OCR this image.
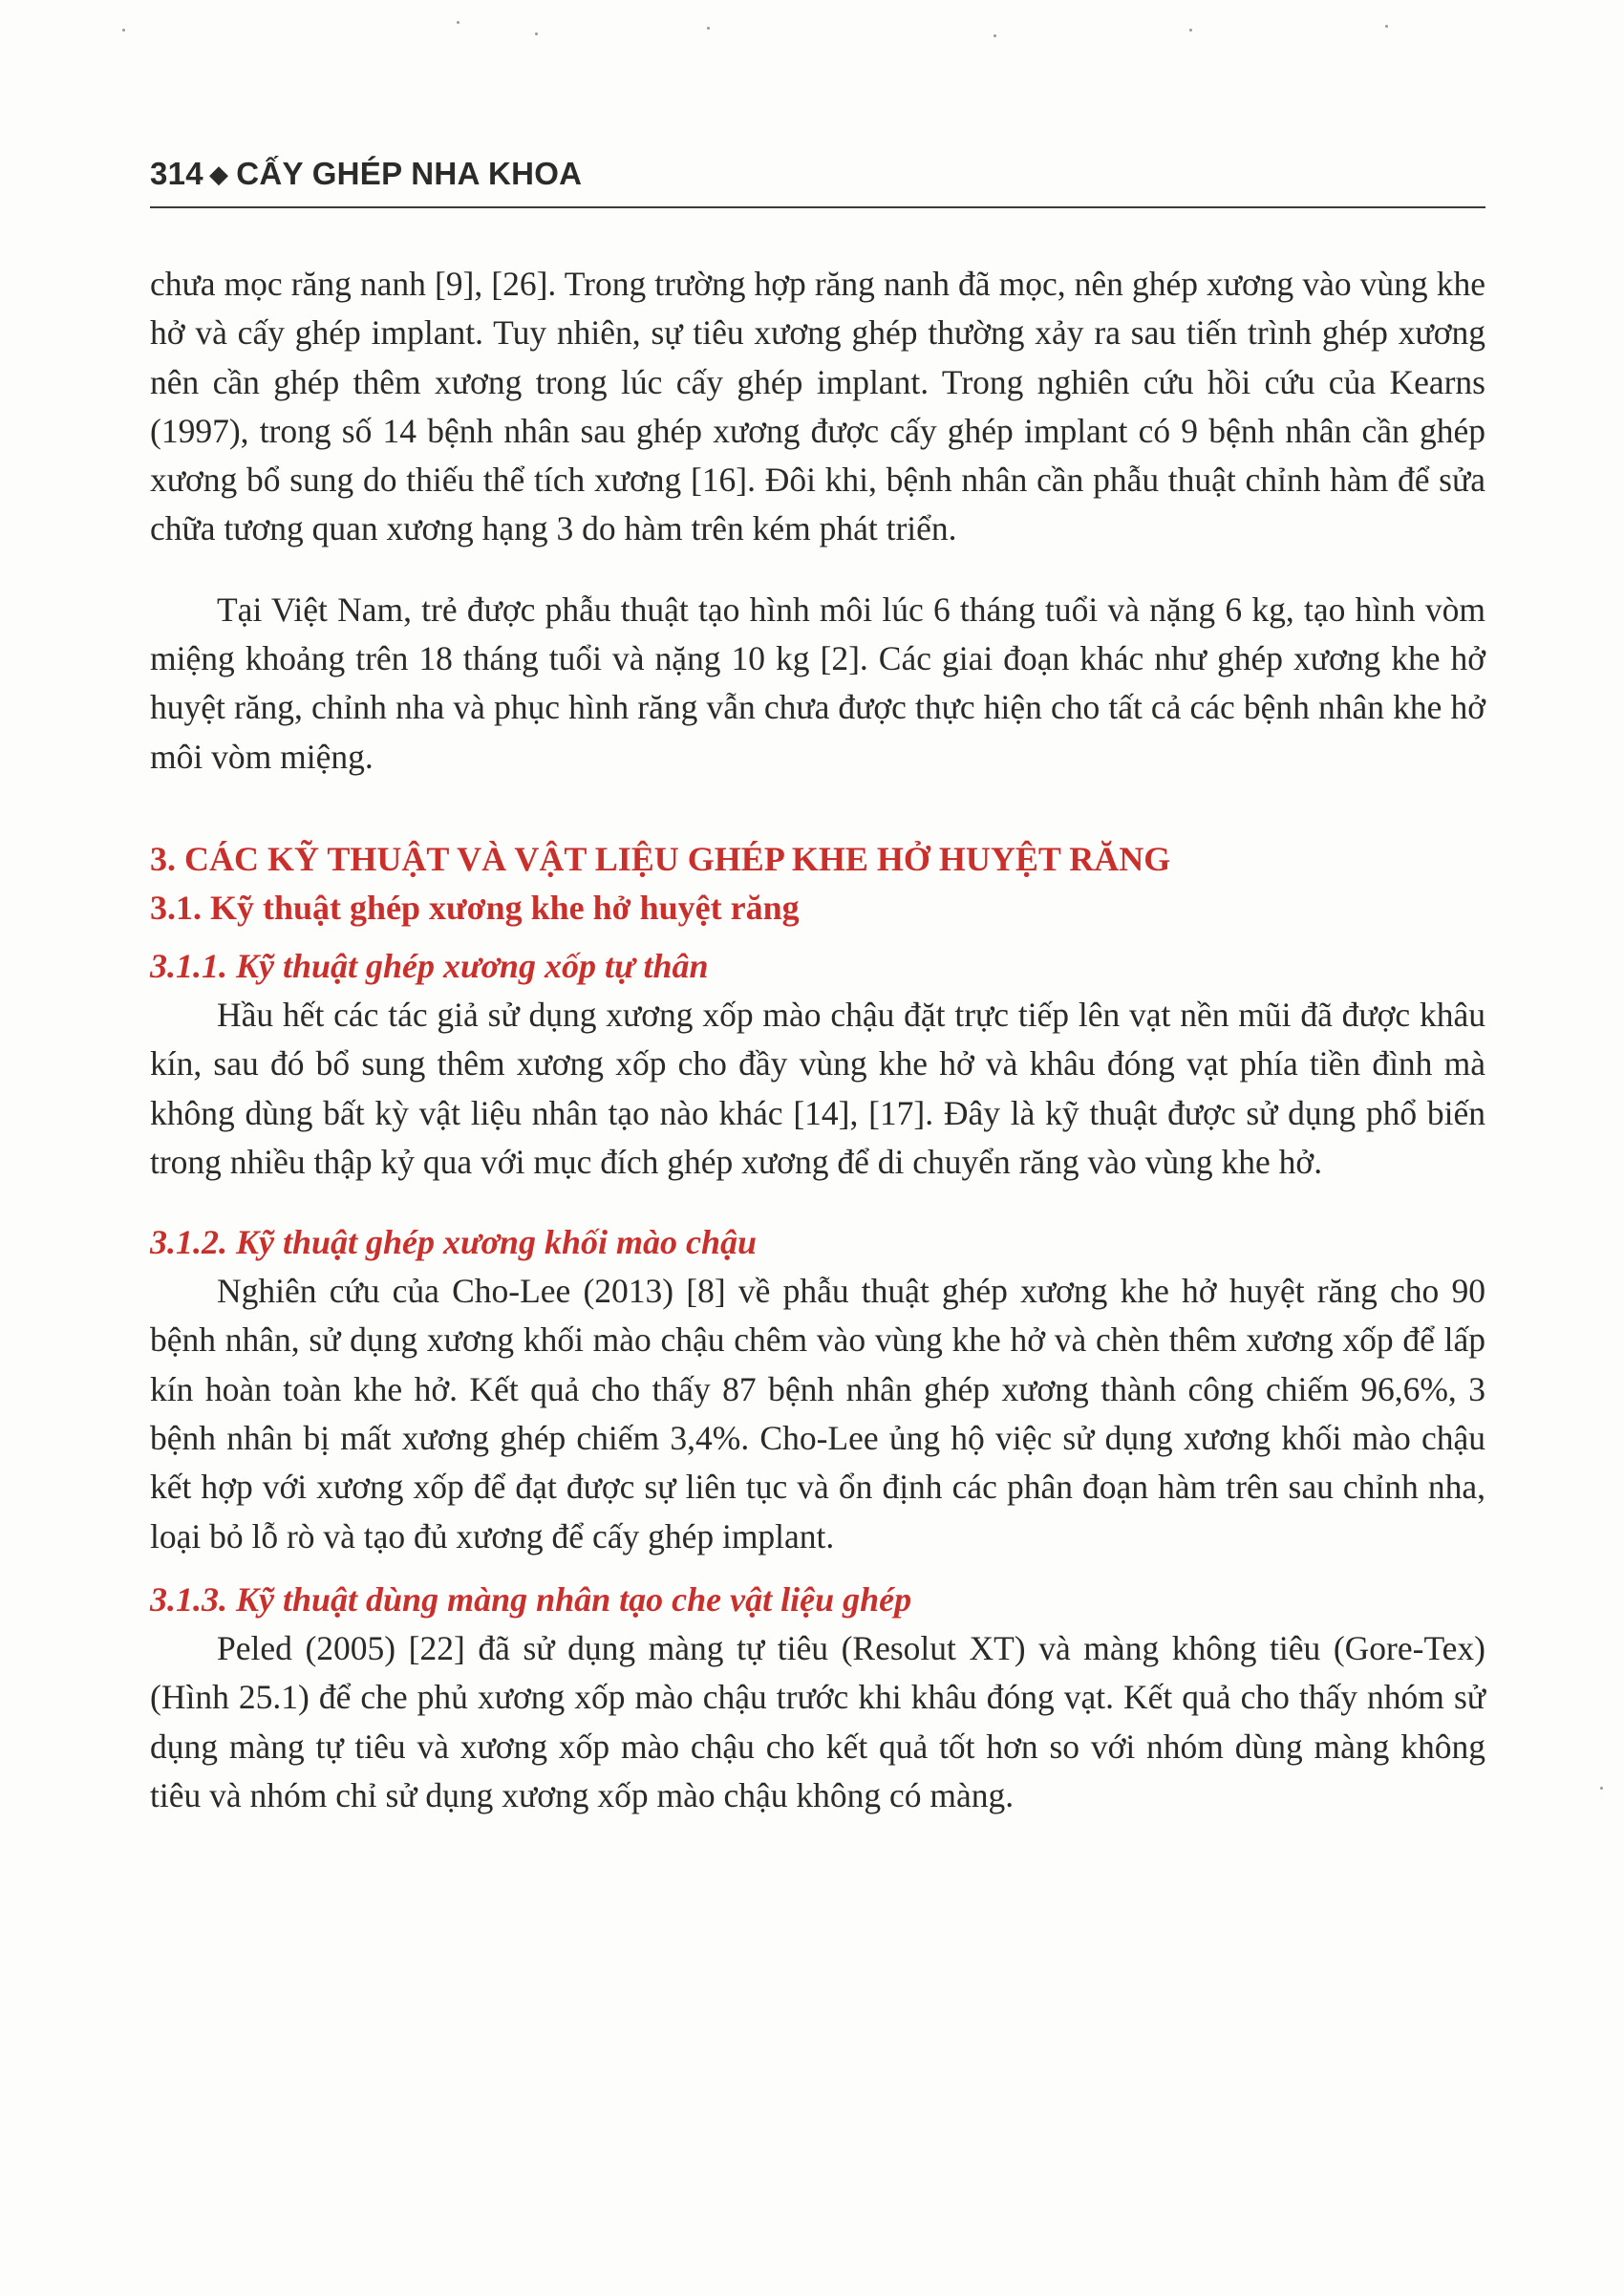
314 ◆ CẤY GHÉP NHA KHOA

chưa mọc răng nanh [9], [26]. Trong trường hợp răng nanh đã mọc, nên ghép xương vào vùng khe hở và cấy ghép implant. Tuy nhiên, sự tiêu xương ghép thường xảy ra sau tiến trình ghép xương nên cần ghép thêm xương trong lúc cấy ghép implant. Trong nghiên cứu hồi cứu của Kearns (1997), trong số 14 bệnh nhân sau ghép xương được cấy ghép implant có 9 bệnh nhân cần ghép xương bổ sung do thiếu thể tích xương [16]. Đôi khi, bệnh nhân cần phẫu thuật chỉnh hàm để sửa chữa tương quan xương hạng 3 do hàm trên kém phát triển.

Tại Việt Nam, trẻ được phẫu thuật tạo hình môi lúc 6 tháng tuổi và nặng 6 kg, tạo hình vòm miệng khoảng trên 18 tháng tuổi và nặng 10 kg [2]. Các giai đoạn khác như ghép xương khe hở huyệt răng, chỉnh nha và phục hình răng vẫn chưa được thực hiện cho tất cả các bệnh nhân khe hở môi vòm miệng.

3. CÁC KỸ THUẬT VÀ VẬT LIỆU GHÉP KHE HỞ HUYỆT RĂNG
3.1. Kỹ thuật ghép xương khe hở huyệt răng
3.1.1. Kỹ thuật ghép xương xốp tự thân

Hầu hết các tác giả sử dụng xương xốp mào chậu đặt trực tiếp lên vạt nền mũi đã được khâu kín, sau đó bổ sung thêm xương xốp cho đầy vùng khe hở và khâu đóng vạt phía tiền đình mà không dùng bất kỳ vật liệu nhân tạo nào khác [14], [17]. Đây là kỹ thuật được sử dụng phổ biến trong nhiều thập kỷ qua với mục đích ghép xương để di chuyển răng vào vùng khe hở.

3.1.2. Kỹ thuật ghép xương khối mào chậu

Nghiên cứu của Cho-Lee (2013) [8] về phẫu thuật ghép xương khe hở huyệt răng cho 90 bệnh nhân, sử dụng xương khối mào chậu chêm vào vùng khe hở và chèn thêm xương xốp để lấp kín hoàn toàn khe hở. Kết quả cho thấy 87 bệnh nhân ghép xương thành công chiếm 96,6%, 3 bệnh nhân bị mất xương ghép chiếm 3,4%. Cho-Lee ủng hộ việc sử dụng xương khối mào chậu kết hợp với xương xốp để đạt được sự liên tục và ổn định các phân đoạn hàm trên sau chỉnh nha, loại bỏ lỗ rò và tạo đủ xương để cấy ghép implant.

3.1.3. Kỹ thuật dùng màng nhân tạo che vật liệu ghép

Peled (2005) [22] đã sử dụng màng tự tiêu (Resolut XT) và màng không tiêu (Gore-Tex) (Hình 25.1) để che phủ xương xốp mào chậu trước khi khâu đóng vạt. Kết quả cho thấy nhóm sử dụng màng tự tiêu và xương xốp mào chậu cho kết quả tốt hơn so với nhóm dùng màng không tiêu và nhóm chỉ sử dụng xương xốp mào chậu không có màng.
